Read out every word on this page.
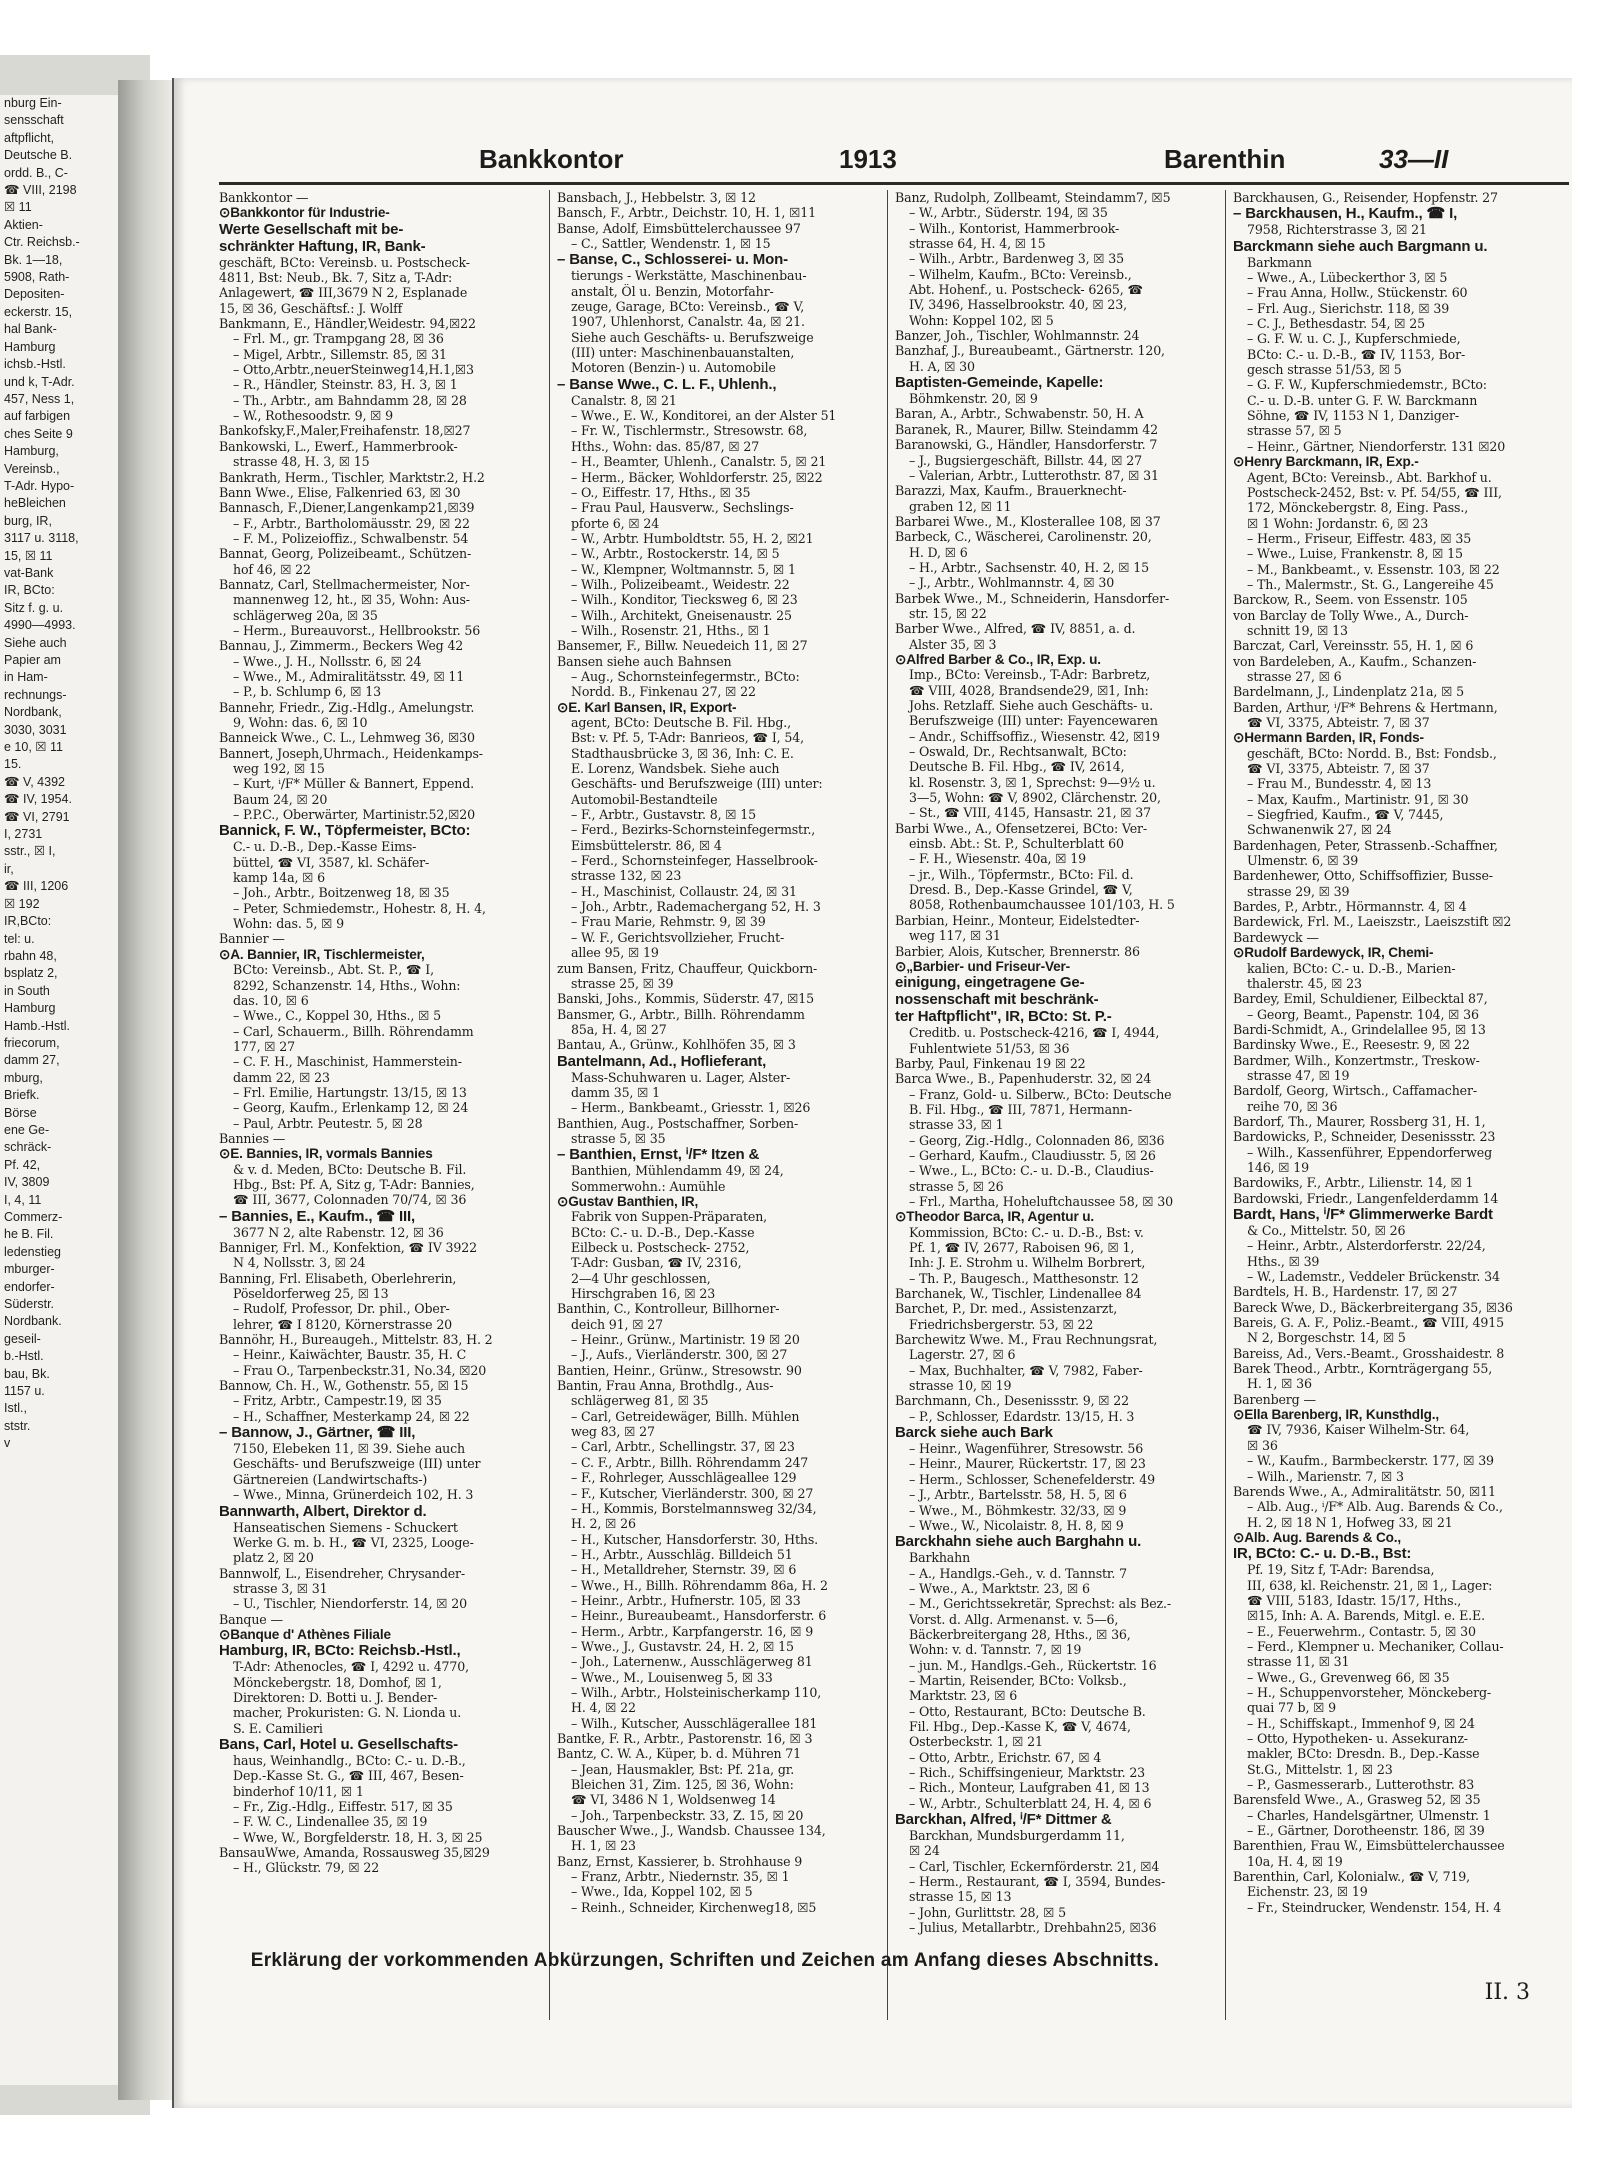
nburg Ein-
sensschaft
aftpflicht,
Deutsche B.
ordd. B., C-
☎ VIII, 2198
☒ 11
Aktien-
Ctr. Reichsb.-
Bk. 1—18,
5908, Rath-
Depositen-
eckerstr. 15,
hal Bank-
Hamburg
ichsb.-Hstl.
und k, T-Adr.
457, Ness 1,
auf farbigen
ches Seite 9
Hamburg,
Vereinsb.,
T-Adr. Hypo-
heBleichen
burg, IR,
3117 u. 3118,
15, ☒ 11
vat-Bank
IR, BCto:
Sitz f. g. u.
4990—4993.
Siehe auch
Papier am
in Ham-
rechnungs-
Nordbank,
3030, 3031
e 10, ☒ 11
15.
☎ V, 4392
☎ IV, 1954.
☎ VI, 2791
I, 2731
sstr., ☒ I,
ir,
☎ III, 1206
☒ 192
IR,BCto:
tel: u.
rbahn 48,
bsplatz 2,
in South
Hamburg
Hamb.-Hstl.
friecorum,
damm 27,
mburg,
Briefk.
Börse
ene Ge-
schräck-
Pf. 42,
IV, 3809
I, 4, 11
Commerz-
he B. Fil.
ledenstieg
mburger-
endorfer-
Süderstr.
Nordbank.
geseil-
b.-Hstl.
bau, Bk.
1157 u.
Istl.,
ststr.
v
Bankkontor	1913	Barenthin	33—II
Bankkontor —
⊙ Bankkontor für Industrie-
Werte Gesellschaft mit be-
schränkter Haftung, IR, Bank-
geschäft, BCto: Vereinsb. u. Postscheck-
4811, Bst: Neub., Bk. 7, Sitz a, T-Adr:
Anlagewert, ☎ III,3679 N 2, Esplanade
15, ☒ 36, Geschäftsf.: J. Wolff
Bankmann, E., Händler,Weidestr. 94,☒22
– Frl. M., gr. Trampgang 28, ☒ 36
– Migel, Arbtr., Sillemstr. 85, ☒ 31
– Otto,Arbtr.,neuerSteinweg14,H.1,☒3
– R., Händler, Steinstr. 83, H. 3, ☒ 1
– Th., Arbtr., am Bahndamm 28, ☒ 28
– W., Rothesoodstr. 9, ☒ 9
Bankofsky,F.,Maler,Freihafenstr. 18,☒27
Bankowski, L., Ewerf., Hammerbrook-
strasse 48, H. 3, ☒ 15
Bankrath, Herm., Tischler, Marktstr.2, H.2
Bann Wwe., Elise, Falkenried 63, ☒ 30
Bannasch, F.,Diener,Langenkamp21,☒39
– F., Arbtr., Bartholomäusstr. 29, ☒ 22
– F. M., Polizeioffiz., Schwalbenstr. 54
Bannat, Georg, Polizeibeamt., Schützen-
hof 46, ☒ 22
Bannatz, Carl, Stellmachermeister, Nor-
mannenweg 12, ht., ☒ 35, Wohn: Aus-
schlägerweg 20a, ☒ 35
– Herm., Bureauvorst., Hellbrookstr. 56
Bannau, J., Zimmerm., Beckers Weg 42
– Wwe., J. H., Nollsstr. 6, ☒ 24
– Wwe., M., Admiralitätsstr. 49, ☒ 11
– P., b. Schlump 6, ☒ 13
Bannehr, Friedr., Zig.-Hdlg., Amelungstr.
9, Wohn: das. 6, ☒ 10
Banneick Wwe., C. L., Lehmweg 36, ☒30
Bannert, Joseph,Uhrmach., Heidenkamps-
weg 192, ☒ 15
– Kurt, ⁱ/F* Müller & Bannert, Eppend.
Baum 24, ☒ 20
– P.P.C., Oberwärter, Martinistr.52,☒20
Bannick, F. W., Töpfermeister, BCto:
C.- u. D.-B., Dep.-Kasse Eims-
büttel, ☎ VI, 3587, kl. Schäfer-
kamp 14a, ☒ 6
– Joh., Arbtr., Boitzenweg 18, ☒ 35
– Peter, Schmiedemstr., Hohestr. 8, H. 4,
Wohn: das. 5, ☒ 9
Bannier —
⊙ A. Bannier, IR, Tischlermeister,
BCto: Vereinsb., Abt. St. P., ☎ I,
8292, Schanzenstr. 14, Hths., Wohn:
das. 10, ☒ 6
– Wwe., C., Koppel 30, Hths., ☒ 5
– Carl, Schauerm., Billh. Röhrendamm
177, ☒ 27
– C. F. H., Maschinist, Hammerstein-
damm 22, ☒ 23
– Frl. Emilie, Hartungstr. 13/15, ☒ 13
– Georg, Kaufm., Erlenkamp 12, ☒ 24
– Paul, Arbtr. Peutestr. 5, ☒ 28
Bannies —
⊙ E. Bannies, IR, vormals Bannies
& v. d. Meden, BCto: Deutsche B. Fil.
Hbg., Bst: Pf. A, Sitz g, T-Adr: Bannies,
☎ III, 3677, Colonnaden 70/74, ☒ 36
– Bannies, E., Kaufm., ☎ III,
3677 N 2, alte Rabenstr. 12, ☒ 36
Banniger, Frl. M., Konfektion, ☎ IV 3922
N 4, Nollsstr. 3, ☒ 24
Banning, Frl. Elisabeth, Oberlehrerin,
Pöseldorferweg 25, ☒ 13
– Rudolf, Professor, Dr. phil., Ober-
lehrer, ☎ I 8120, Körnerstrasse 20
Bannöhr, H., Bureaugeh., Mittelstr. 83, H. 2
– Heinr., Kaiwächter, Baustr. 35, H. C
– Frau O., Tarpenbeckstr.31, No.34, ☒20
Bannow, Ch. H., W., Gothenstr. 55, ☒ 15
– Fritz, Arbtr., Campestr.19, ☒ 35
– H., Schaffner, Mesterkamp 24, ☒ 22
– Bannow, J., Gärtner, ☎ III,
7150, Elebeken 11, ☒ 39. Siehe auch
Geschäfts- und Berufszweige (III) unter
Gärtnereien (Landwirtschafts-)
– Wwe., Minna, Grünerdeich 102, H. 3
Bannwarth, Albert, Direktor d.
Hanseatischen Siemens - Schuckert
Werke G. m. b. H., ☎ VI, 2325, Looge-
platz 2, ☒ 20
Bannwolf, L., Eisendreher, Chrysander-
strasse 3, ☒ 31
– U., Tischler, Niendorferstr. 14, ☒ 20
Banque —
⊙ Banque d' Athènes Filiale
Hamburg, IR, BCto: Reichsb.-Hstl.,
T-Adr: Athenocles, ☎ I, 4292 u. 4770,
Mönckebergstr. 18, Domhof, ☒ 1,
Direktoren: D. Botti u. J. Bender-
macher, Prokuristen: G. N. Lionda u.
S. E. Camilieri
Bans, Carl, Hotel u. Gesellschafts-
haus, Weinhandlg., BCto: C.- u. D.-B.,
Dep.-Kasse St. G., ☎ III, 467, Besen-
binderhof 10/11, ☒ 1
– Fr., Zig.-Hdlg., Eiffestr. 517, ☒ 35
– F. W. C., Lindenallee 35, ☒ 19
– Wwe, W., Borgfelderstr. 18, H. 3, ☒ 25
BansauWwe, Amanda, Rossausweg 35,☒29
– H., Glückstr. 79, ☒ 22
Bansbach, J., Hebbelstr. 3, ☒ 12
Bansch, F., Arbtr., Deichstr. 10, H. 1, ☒11
Banse, Adolf, Eimsbüttelerchaussee 97
– C., Sattler, Wendenstr. 1, ☒ 15
– Banse, C., Schlosserei- u. Mon-
tierungs - Werkstätte, Maschinenbau-
anstalt, Öl u. Benzin, Motorfahr-
zeuge, Garage, BCto: Vereinsb., ☎ V,
1907, Uhlenhorst, Canalstr. 4a, ☒ 21.
Siehe auch Geschäfts- u. Berufszweige
(III) unter: Maschinenbauanstalten,
Motoren (Benzin-) u. Automobile
– Banse Wwe., C. L. F., Uhlenh.,
Canalstr. 8, ☒ 21
– Wwe., E. W., Konditorei, an der Alster 51
– Fr. W., Tischlermstr., Stresowstr. 68,
Hths., Wohn: das. 85/87, ☒ 27
– H., Beamter, Uhlenh., Canalstr. 5, ☒ 21
– Herm., Bäcker, Wohldorferstr. 25, ☒22
– O., Eiffestr. 17, Hths., ☒ 35
– Frau Paul, Hausverw., Sechslings-
pforte 6, ☒ 24
– W., Arbtr. Humboldtstr. 55, H. 2, ☒21
– W., Arbtr., Rostockerstr. 14, ☒ 5
– W., Klempner, Woltmannstr. 5, ☒ 1
– Wilh., Polizeibeamt., Weidestr. 22
– Wilh., Konditor, Tiecksweg 6, ☒ 23
– Wilh., Architekt, Gneisenaustr. 25
– Wilh., Rosenstr. 21, Hths., ☒ 1
Bansemer, F., Billw. Neuedeich 11, ☒ 27
Bansen siehe auch Bahnsen
– Aug., Schornsteinfegermstr., BCto:
Nordd. B., Finkenau 27, ☒ 22
⊙ E. Karl Bansen, IR, Export-
agent, BCto: Deutsche B. Fil. Hbg.,
Bst: v. Pf. 5, T-Adr: Banrieos, ☎ I, 54,
Stadthausbrücke 3, ☒ 36, Inh: C. E.
E. Lorenz, Wandsbek. Siehe auch
Geschäfts- und Berufszweige (III) unter:
Automobil-Bestandteile
– F., Arbtr., Gustavstr. 8, ☒ 15
– Ferd., Bezirks-Schornsteinfegermstr.,
Eimsbüttelerstr. 86, ☒ 4
– Ferd., Schornsteinfeger, Hasselbrook-
strasse 132, ☒ 23
– H., Maschinist, Collaustr. 24, ☒ 31
– Joh., Arbtr., Rademachergang 52, H. 3
– Frau Marie, Rehmstr. 9, ☒ 39
– W. F., Gerichtsvollzieher, Frucht-
allee 95, ☒ 19
zum Bansen, Fritz, Chauffeur, Quickborn-
strasse 25, ☒ 39
Banski, Johs., Kommis, Süderstr. 47, ☒15
Bansmer, G., Arbtr., Billh. Röhrendamm
85a, H. 4, ☒ 27
Bantau, A., Grünw., Kohlhöfen 35, ☒ 3
Bantelmann, Ad., Hoflieferant,
Mass-Schuhwaren u. Lager, Alster-
damm 35, ☒ 1
– Herm., Bankbeamt., Griesstr. 1, ☒26
Banthien, Aug., Postschaffner, Sorben-
strasse 5, ☒ 35
– Banthien, Ernst, ⁱ/F* Itzen &
Banthien, Mühlendamm 49, ☒ 24,
Sommerwohn.: Aumühle
⊙ Gustav Banthien, IR,
Fabrik von Suppen-Präparaten,
BCto: C.- u. D.-B., Dep.-Kasse
Eilbeck u. Postscheck- 2752,
T-Adr: Gusban, ☎ IV, 2316,
2—4 Uhr geschlossen,
Hirschgraben 16, ☒ 23
Banthin, C., Kontrolleur, Billhorner-
deich 91, ☒ 27
– Heinr., Grünw., Martinistr. 19 ☒ 20
– J., Aufs., Vierländerstr. 300, ☒ 27
Bantien, Heinr., Grünw., Stresowstr. 90
Bantin, Frau Anna, Brothdlg., Aus-
schlägerweg 81, ☒ 35
– Carl, Getreidewäger, Billh. Mühlen
weg 83, ☒ 27
– Carl, Arbtr., Schellingstr. 37, ☒ 23
– C. F., Arbtr., Billh. Röhrendamm 247
– F., Rohrleger, Ausschlägeallee 129
– F., Kutscher, Vierländerstr. 300, ☒ 27
– H., Kommis, Borstelmannsweg 32/34,
H. 2, ☒ 26
– H., Kutscher, Hansdorferstr. 30, Hths.
– H., Arbtr., Ausschläg. Billdeich 51
– H., Metalldreher, Sternstr. 39, ☒ 6
– Wwe., H., Billh. Röhrendamm 86a, H. 2
– Heinr., Arbtr., Hufnerstr. 105, ☒ 33
– Heinr., Bureaubeamt., Hansdorferstr. 6
– Herm., Arbtr., Karpfangerstr. 16, ☒ 9
– Wwe., J., Gustavstr. 24, H. 2, ☒ 15
– Joh., Laternenw., Ausschlägerweg 81
– Wwe., M., Louisenweg 5, ☒ 33
– Wilh., Arbtr., Holsteinischerkamp 110,
H. 4, ☒ 22
– Wilh., Kutscher, Ausschlägerallee 181
Bantke, F. R., Arbtr., Pastorenstr. 16, ☒ 3
Bantz, C. W. A., Küper, b. d. Mühren 71
– Jean, Hausmakler, Bst: Pf. 21a, gr.
Bleichen 31, Zim. 125, ☒ 36, Wohn:
☎ VI, 3486 N 1, Woldsenweg 14
– Joh., Tarpenbeckstr. 33, Z. 15, ☒ 20
Bauscher Wwe., J., Wandsb. Chaussee 134,
H. 1, ☒ 23
Banz, Ernst, Kassierer, b. Strohhause 9
– Franz, Arbtr., Niedernstr. 35, ☒ 1
– Wwe., Ida, Koppel 102, ☒ 5
– Reinh., Schneider, Kirchenweg18, ☒5
Banz, Rudolph, Zollbeamt, Steindamm7, ☒5
– W., Arbtr., Süderstr. 194, ☒ 35
– Wilh., Kontorist, Hammerbrook-
strasse 64, H. 4, ☒ 15
– Wilh., Arbtr., Bardenweg 3, ☒ 35
– Wilhelm, Kaufm., BCto: Vereinsb.,
Abt. Hohenf., u. Postscheck- 6265, ☎
IV, 3496, Hasselbrookstr. 40, ☒ 23,
Wohn: Koppel 102, ☒ 5
Banzer, Joh., Tischler, Wohlmannstr. 24
Banzhaf, J., Bureaubeamt., Gärtnerstr. 120,
H. A, ☒ 30
Baptisten-Gemeinde, Kapelle:
Böhmkenstr. 20, ☒ 9
Baran, A., Arbtr., Schwabenstr. 50, H. A
Baranek, R., Maurer, Billw. Steindamm 42
Baranowski, G., Händler, Hansdorferstr. 7
– J., Bugsiergeschäft, Billstr. 44, ☒ 27
– Valerian, Arbtr., Lutterothstr. 87, ☒ 31
Barazzi, Max, Kaufm., Brauerknecht-
graben 12, ☒ 11
Barbarei Wwe., M., Klosterallee 108, ☒ 37
Barbeck, C., Wäscherei, Carolinenstr. 20,
H. D, ☒ 6
– H., Arbtr., Sachsenstr. 40, H. 2, ☒ 15
– J., Arbtr., Wohlmannstr. 4, ☒ 30
Barbek Wwe., M., Schneiderin, Hansdorfer-
str. 15, ☒ 22
Barber Wwe., Alfred, ☎ IV, 8851, a. d.
Alster 35, ☒ 3
⊙ Alfred Barber & Co., IR, Exp. u.
Imp., BCto: Vereinsb., T-Adr: Barbretz,
☎ VIII, 4028, Brandsende29, ☒1, Inh:
Johs. Retzlaff. Siehe auch Geschäfts- u.
Berufszweige (III) unter: Fayencewaren
– Andr., Schiffsoffiz., Wiesenstr. 42, ☒19
– Oswald, Dr., Rechtsanwalt, BCto:
Deutsche B. Fil. Hbg., ☎ IV, 2614,
kl. Rosenstr. 3, ☒ 1, Sprechst: 9—9½ u.
3—5, Wohn: ☎ V, 8902, Clärchenstr. 20,
– St., ☎ VIII, 4145, Hansastr. 21, ☒ 37
Barbi Wwe., A., Ofensetzerei, BCto: Ver-
einsb. Abt.: St. P., Schulterblatt 60
– F. H., Wiesenstr. 40a, ☒ 19
– jr., Wilh., Töpfermstr., BCto: Fil. d.
Dresd. B., Dep.-Kasse Grindel, ☎ V,
8058, Rothenbaumchaussee 101/103, H. 5
Barbian, Heinr., Monteur, Eidelstedter-
weg 117, ☒ 31
Barbier, Alois, Kutscher, Brennerstr. 86
⊙ „Barbier- und Friseur-Ver-
einigung, eingetragene Ge-
nossenschaft mit beschränk-
ter Haftpflicht", IR, BCto: St. P.-
Creditb. u. Postscheck-4216, ☎ I, 4944,
Fuhlentwiete 51/53, ☒ 36
Barby, Paul, Finkenau 19 ☒ 22
Barca Wwe., B., Papenhuderstr. 32, ☒ 24
– Franz, Gold- u. Silberw., BCto: Deutsche
B. Fil. Hbg., ☎ III, 7871, Hermann-
strasse 33, ☒ 1
– Georg, Zig.-Hdlg., Colonnaden 86, ☒36
– Gerhard, Kaufm., Claudiusstr. 5, ☒ 26
– Wwe., L., BCto: C.- u. D.-B., Claudius-
strasse 5, ☒ 26
– Frl., Martha, Hoheluftchaussee 58, ☒ 30
⊙ Theodor Barca, IR, Agentur u.
Kommission, BCto: C.- u. D.-B., Bst: v.
Pf. 1, ☎ IV, 2677, Raboisen 96, ☒ 1,
Inh: J. E. Strohm u. Wilhelm Borbrert,
– Th. P., Baugesch., Matthesonstr. 12
Barchanek, W., Tischler, Lindenallee 84
Barchet, P., Dr. med., Assistenzarzt,
Friedrichsbergerstr. 53, ☒ 22
Barchewitz Wwe. M., Frau Rechnungsrat,
Lagerstr. 27, ☒ 6
– Max, Buchhalter, ☎ V, 7982, Faber-
strasse 10, ☒ 19
Barchmann, Ch., Desenissstr. 9, ☒ 22
– P., Schlosser, Edardstr. 13/15, H. 3
Barck siehe auch Bark
– Heinr., Wagenführer, Stresowstr. 56
– Heinr., Maurer, Rückertstr. 17, ☒ 23
– Herm., Schlosser, Schenefelderstr. 49
– J., Arbtr., Bartelsstr. 58, H. 5, ☒ 6
– Wwe., M., Böhmkestr. 32/33, ☒ 9
– Wwe., W., Nicolaistr. 8, H. 8, ☒ 9
Barckhahn siehe auch Barghahn u.
Barkhahn
– A., Handlgs.-Geh., v. d. Tannstr. 7
– Wwe., A., Marktstr. 23, ☒ 6
– M., Gerichtssekretär, Sprechst: als Bez.-
Vorst. d. Allg. Armenanst. v. 5—6,
Bäckerbreitergang 28, Hths., ☒ 36,
Wohn: v. d. Tannstr. 7, ☒ 19
– jun. M., Handlgs.-Geh., Rückertstr. 16
– Martin, Reisender, BCto: Volksb.,
Marktstr. 23, ☒ 6
– Otto, Restaurant, BCto: Deutsche B.
Fil. Hbg., Dep.-Kasse K, ☎ V, 4674,
Osterbeckstr. 1, ☒ 21
– Otto, Arbtr., Erichstr. 67, ☒ 4
– Rich., Schiffsingenieur, Marktstr. 23
– Rich., Monteur, Laufgraben 41, ☒ 13
– W., Arbtr., Schulterblatt 24, H. 4, ☒ 6
Barckhan, Alfred, ⁱ/F* Dittmer &
Barckhan, Mundsburgerdamm 11,
☒ 24
– Carl, Tischler, Eckernförderstr. 21, ☒4
– Herm., Restaurant, ☎ I, 3594, Bundes-
strasse 15, ☒ 13
– John, Gurlittstr. 28, ☒ 5
– Julius, Metallarbtr., Drehbahn25, ☒36
Barckhausen, G., Reisender, Hopfenstr. 27
– Barckhausen, H., Kaufm., ☎ I,
7958, Richterstrasse 3, ☒ 21
Barckmann siehe auch Bargmann u.
Barkmann
– Wwe., A., Lübeckerthor 3, ☒ 5
– Frau Anna, Hollw., Stückenstr. 60
– Frl. Aug., Sierichstr. 118, ☒ 39
– C. J., Bethesdastr. 54, ☒ 25
– G. F. W. u. C. J., Kupferschmiede,
BCto: C.- u. D.-B., ☎ IV, 1153, Bor-
gesch strasse 51/53, ☒ 5
– G. F. W., Kupferschmiedemstr., BCto:
C.- u. D.-B. unter G. F. W. Barckmann
Söhne, ☎ IV, 1153 N 1, Danziger-
strasse 57, ☒ 5
– Heinr., Gärtner, Niendorferstr. 131 ☒20
⊙ Henry Barckmann, IR, Exp.-
Agent, BCto: Vereinsb., Abt. Barkhof u.
Postscheck-2452, Bst: v. Pf. 54/55, ☎ III,
172, Mönckebergstr. 8, Eing. Pass.,
☒ 1 Wohn: Jordanstr. 6, ☒ 23
– Herm., Friseur, Eiffestr. 483, ☒ 35
– Wwe., Luise, Frankenstr. 8, ☒ 15
– M., Bankbeamt., v. Essenstr. 103, ☒ 22
– Th., Malermstr., St. G., Langereihe 45
Barckow, R., Seem. von Essenstr. 105
von Barclay de Tolly Wwe., A., Durch-
schnitt 19, ☒ 13
Barczat, Carl, Vereinsstr. 55, H. 1, ☒ 6
von Bardeleben, A., Kaufm., Schanzen-
strasse 27, ☒ 6
Bardelmann, J., Lindenplatz 21a, ☒ 5
Barden, Arthur, ⁱ/F* Behrens & Hertmann,
☎ VI, 3375, Abteistr. 7, ☒ 37
⊙ Hermann Barden, IR, Fonds-
geschäft, BCto: Nordd. B., Bst: Fondsb.,
☎ VI, 3375, Abteistr. 7, ☒ 37
– Frau M., Bundesstr. 4, ☒ 13
– Max, Kaufm., Martinistr. 91, ☒ 30
– Siegfried, Kaufm., ☎ V, 7445,
Schwanenwik 27, ☒ 24
Bardenhagen, Peter, Strassenb.-Schaffner,
Ulmenstr. 6, ☒ 39
Bardenhewer, Otto, Schiffsoffizier, Busse-
strasse 29, ☒ 39
Bardes, P., Arbtr., Hörmannstr. 4, ☒ 4
Bardewick, Frl. M., Laeiszstr., Laeiszstift ☒2
Bardewyck —
⊙ Rudolf Bardewyck, IR, Chemi-
kalien, BCto: C.- u. D.-B., Marien-
thalerstr. 45, ☒ 23
Bardey, Emil, Schuldiener, Eilbecktal 87,
– Georg, Beamt., Papenstr. 104, ☒ 36
Bardi-Schmidt, A., Grindelallee 95, ☒ 13
Bardinsky Wwe., E., Reesestr. 9, ☒ 22
Bardmer, Wilh., Konzertmstr., Treskow-
strasse 47, ☒ 19
Bardolf, Georg, Wirtsch., Caffamacher-
reihe 70, ☒ 36
Bardorf, Th., Maurer, Rossberg 31, H. 1,
Bardowicks, P., Schneider, Desenissstr. 23
– Wilh., Kassenführer, Eppendorferweg
146, ☒ 19
Bardowiks, F., Arbtr., Lilienstr. 14, ☒ 1
Bardowski, Friedr., Langenfelderdamm 14
Bardt, Hans, ⁱ/F* Glimmerwerke Bardt
& Co., Mittelstr. 50, ☒ 26
– Heinr., Arbtr., Alsterdorferstr. 22/24,
Hths., ☒ 39
– W., Lademstr., Veddeler Brückenstr. 34
Bardtels, H. B., Hardenstr. 17, ☒ 27
Bareck Wwe, D., Bäckerbreitergang 35, ☒36
Bareis, G. A. F., Poliz.-Beamt., ☎ VIII, 4915
N 2, Borgeschstr. 14, ☒ 5
Bareiss, Ad., Vers.-Beamt., Grosshaidestr. 8
Barek Theod., Arbtr., Kornträgergang 55,
H. 1, ☒ 36
Barenberg —
⊙ Ella Barenberg, IR, Kunsthdlg.,
☎ IV, 7936, Kaiser Wilhelm-Str. 64,
☒ 36
– W., Kaufm., Barmbeckerstr. 177, ☒ 39
– Wilh., Marienstr. 7, ☒ 3
Barends Wwe., A., Admiralitätstr. 50, ☒11
– Alb. Aug., ⁱ/F* Alb. Aug. Barends & Co.,
H. 2, ☒ 18 N 1, Hofweg 33, ☒ 21
⊙ Alb. Aug. Barends & Co.,
IR, BCto: C.- u. D.-B., Bst:
Pf. 19, Sitz f, T-Adr: Barendsa,
III, 638, kl. Reichenstr. 21, ☒ 1,, Lager:
☎ VIII, 5183, Idastr. 15/17, Hths.,
☒15, Inh: A. A. Barends, Mitgl. e. E.E.
– E., Feuerwehrm., Contastr. 5, ☒ 30
– Ferd., Klempner u. Mechaniker, Collau-
strasse 11, ☒ 31
– Wwe., G., Grevenweg 66, ☒ 35
– H., Schuppenvorsteher, Mönckeberg-
quai 77 b, ☒ 9
– H., Schiffskapt., Immenhof 9, ☒ 24
– Otto, Hypotheken- u. Assekuranz-
makler, BCto: Dresdn. B., Dep.-Kasse
St.G., Mittelstr. 1, ☒ 23
– P., Gasmesserarb., Lutterothstr. 83
Barensfeld Wwe., A., Grasweg 52, ☒ 35
– Charles, Handelsgärtner, Ulmenstr. 1
– E., Gärtner, Dorotheenstr. 186, ☒ 39
Barenthien, Frau W., Eimsbüttelerchaussee
10a, H. 4, ☒ 19
Barenthin, Carl, Kolonialw., ☎ V, 719,
Eichenstr. 23, ☒ 19
– Fr., Steindrucker, Wendenstr. 154, H. 4
Erklärung der vorkommenden Abkürzungen, Schriften und Zeichen am Anfang dieses Abschnitts.
II. 3
